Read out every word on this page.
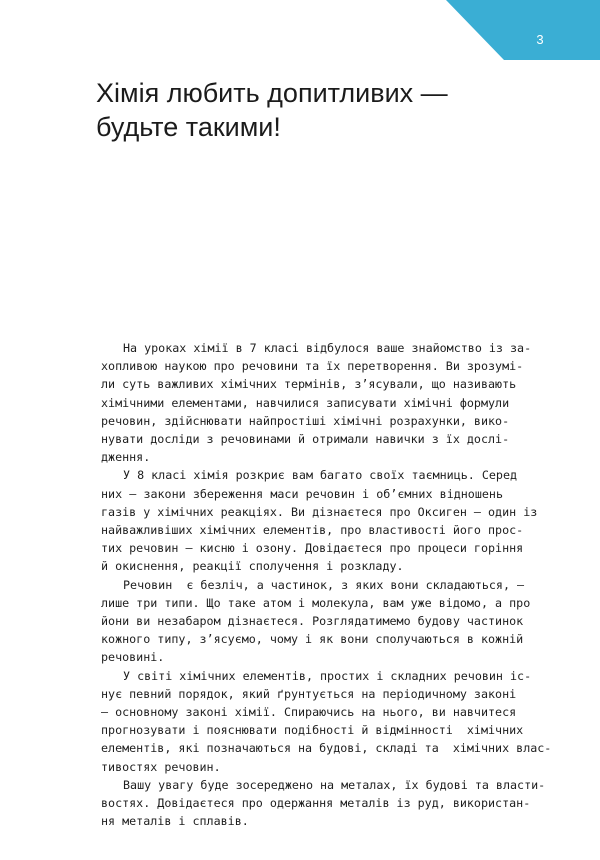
3
Хімія любить допитливих —
будьте такими!

На уроках хімії в 7 класі відбулося ваше знайомство із за-
хопливою наукою про речовини та їх перетворення. Ви зрозумі-
ли суть важливих хімічних термінів, з’ясували, що називають
хімічними елементами, навчилися записувати хімічні формули
речовин, здійснювати найпростіші хімічні розрахунки, вико-
нувати досліди з речовинами й отримали навички з їх дослі-
дження.

У 8 класі хімія розкриє вам багато своїх таємниць. Серед
них — закони збереження маси речовин і об’ємних відношень
газів у хімічних реакціях. Ви дізнаєтеся про Оксиген — один із
найважливіших хімічних елементів, про властивості його прос-
тих речовин — кисню і озону. Довідаєтеся про процеси горіння
й окиснення, реакції сполучення і розкладу.

Речовин  є безліч, а частинок, з яких вони складаються, —
лише три типи. Що таке атом і молекула, вам уже відомо, а про
йони ви незабаром дізнаєтеся. Розглядатимемо будову частинок
кожного типу, з’ясуємо, чому і як вони сполучаються в кожній
речовині.

У світі хімічних елементів, простих і складних речовин іс-
нує певний порядок, який ґрунтується на періодичному законі
— основному законі хімії. Спираючись на нього, ви навчитеся
прогнозувати і пояснювати подібності й відмінності  хімічних
елементів, які позначаються на будові, складі та  хімічних влас-
тивостях речовин.

Вашу увагу буде зосереджено на металах, їх будові та власти-
востях. Довідаєтеся про одержання металів із руд, використан-
ня металів і сплавів.
